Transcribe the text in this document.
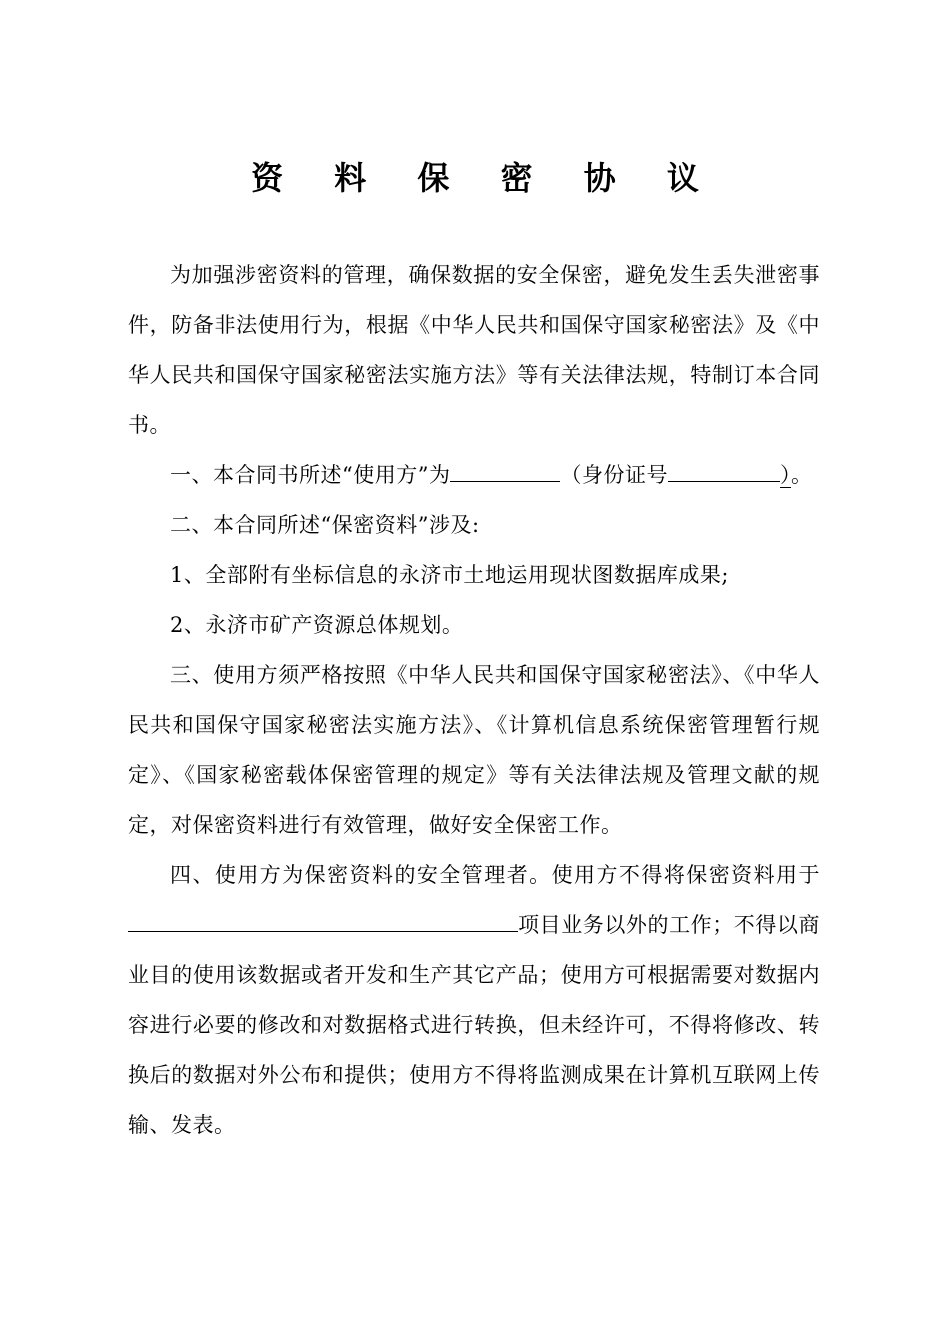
资 料 保 密 协 议

为加强涉密资料的管理，确保数据的安全保密，避免发生丢失泄密事件，防备非法使用行为，根据《中华人民共和国保守国家秘密法》及《中华人民共和国保守国家秘密法实施方法》等有关法律法规，特制订本合同书。

一、本合同书所述“使用方”为	（身份证号	）。

二、本合同所述“保密资料”涉及:

1、全部附有坐标信息的永济市土地运用现状图数据库成果;

2、永济市矿产资源总体规划。

三、使用方须严格按照《中华人民共和国保守国家秘密法》、《中华人民共和国保守国家秘密法实施方法》、《计算机信息系统保密管理暂行规定》、《国家秘密载体保密管理的规定》等有关法律法规及管理文献的规定，对保密资料进行有效管理，做好安全保密工作。

四、使用方为保密资料的安全管理者。使用方不得将保密资料用于项目业务以外的工作；不得以商业目的使用该数据或者开发和生产其它产品；使用方可根据需要对数据内容进行必要的修改和对数据格式进行转换，但未经许可，不得将修改、转换后的数据对外公布和提供；使用方不得将监测成果在计算机互联网上传输、发表。
